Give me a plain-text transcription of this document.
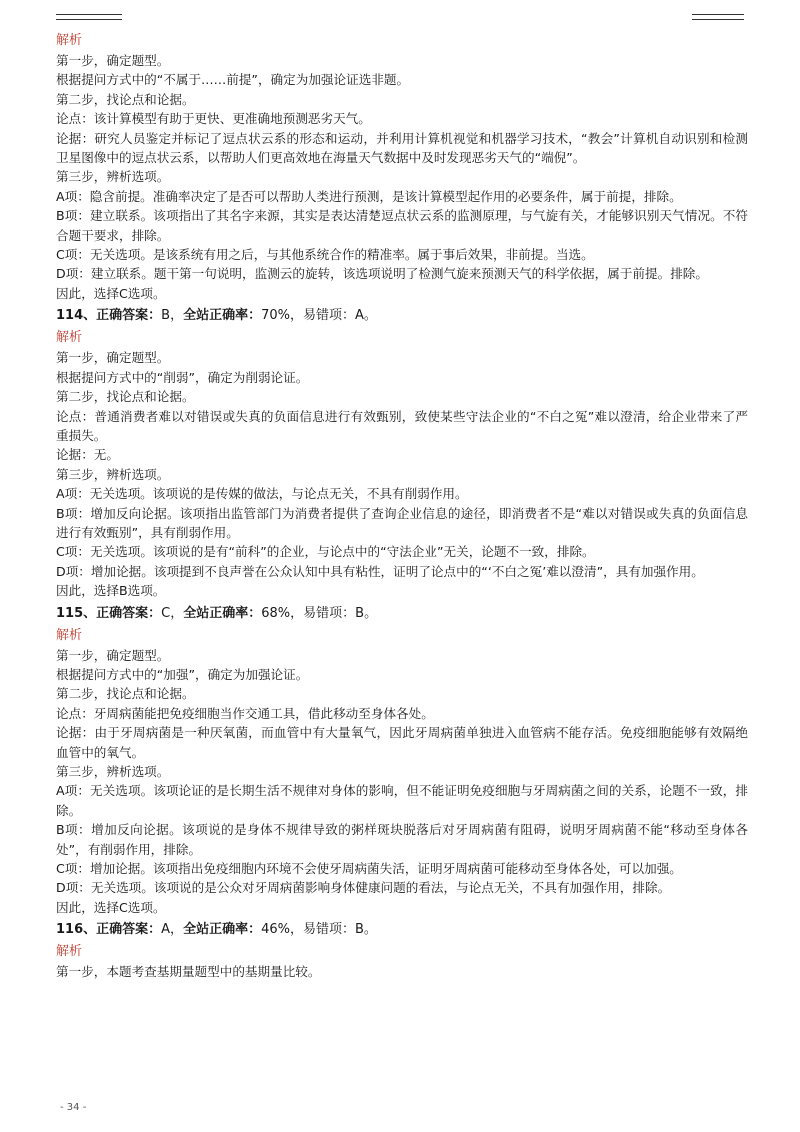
解析
第一步，确定题型。
根据提问方式中的“不属于……前提”，确定为加强论证选非题。
第二步，找论点和论据。
论点：该计算模型有助于更快、更准确地预测恶劣天气。
论据：研究人员鉴定并标记了逗点状云系的形态和运动，并利用计算机视觉和机器学习技术，“教会”计算机自动识别和检测卫星图像中的逗点状云系，以帮助人们更高效地在海量天气数据中及时发现恶劣天气的“端倪”。
第三步，辨析选项。
A项：隐含前提。准确率决定了是否可以帮助人类进行预测，是该计算模型起作用的必要条件，属于前提，排除。
B项：建立联系。该项指出了其名字来源，其实是表达清楚逗点状云系的监测原理，与气旋有关，才能够识别天气情况。不符合题干要求，排除。
C项：无关选项。是该系统有用之后，与其他系统合作的精准率。属于事后效果，非前提。当选。
D项：建立联系。题干第一句说明，监测云的旋转，该选项说明了检测气旋来预测天气的科学依据，属于前提。排除。
因此，选择C选项。
114、正确答案：B，全站正确率：70%，易错项：A。
解析
第一步，确定题型。
根据提问方式中的“削弱”，确定为削弱论证。
第二步，找论点和论据。
论点：普通消费者难以对错误或失真的负面信息进行有效甄别，致使某些守法企业的“不白之冤”难以澄清，给企业带来了严重损失。
论据：无。
第三步，辨析选项。
A项：无关选项。该项说的是传媒的做法，与论点无关，不具有削弱作用。
B项：增加反向论据。该项指出监管部门为消费者提供了查询企业信息的途径，即消费者不是“难以对错误或失真的负面信息进行有效甄别”，具有削弱作用。
C项：无关选项。该项说的是有“前科”的企业，与论点中的“守法企业”无关，论题不一致，排除。
D项：增加论据。该项提到不良声誉在公众认知中具有粘性，证明了论点中的“‘不白之冤’难以澄清”，具有加强作用。
因此，选择B选项。
115、正确答案：C，全站正确率：68%，易错项：B。
解析
第一步，确定题型。
根据提问方式中的“加强”，确定为加强论证。
第二步，找论点和论据。
论点：牙周病菌能把免疫细胞当作交通工具，借此移动至身体各处。
论据：由于牙周病菌是一种厌氧菌，而血管中有大量氧气，因此牙周病菌单独进入血管病不能存活。免疫细胞能够有效隔绝血管中的氧气。
第三步，辨析选项。
A项：无关选项。该项论证的是长期生活不规律对身体的影响，但不能证明免疫细胞与牙周病菌之间的关系，论题不一致，排除。
B项：增加反向论据。该项说的是身体不规律导致的粥样斑块脱落后对牙周病菌有阻碍，说明牙周病菌不能“移动至身体各处”，有削弱作用，排除。
C项：增加论据。该项指出免疫细胞内环境不会使牙周病菌失活，证明牙周病菌可能移动至身体各处，可以加强。
D项：无关选项。该项说的是公众对牙周病菌影响身体健康问题的看法，与论点无关，不具有加强作用，排除。
因此，选择C选项。
116、正确答案：A，全站正确率：46%，易错项：B。
解析
第一步，本题考查基期量题型中的基期量比较。
- 34 -
